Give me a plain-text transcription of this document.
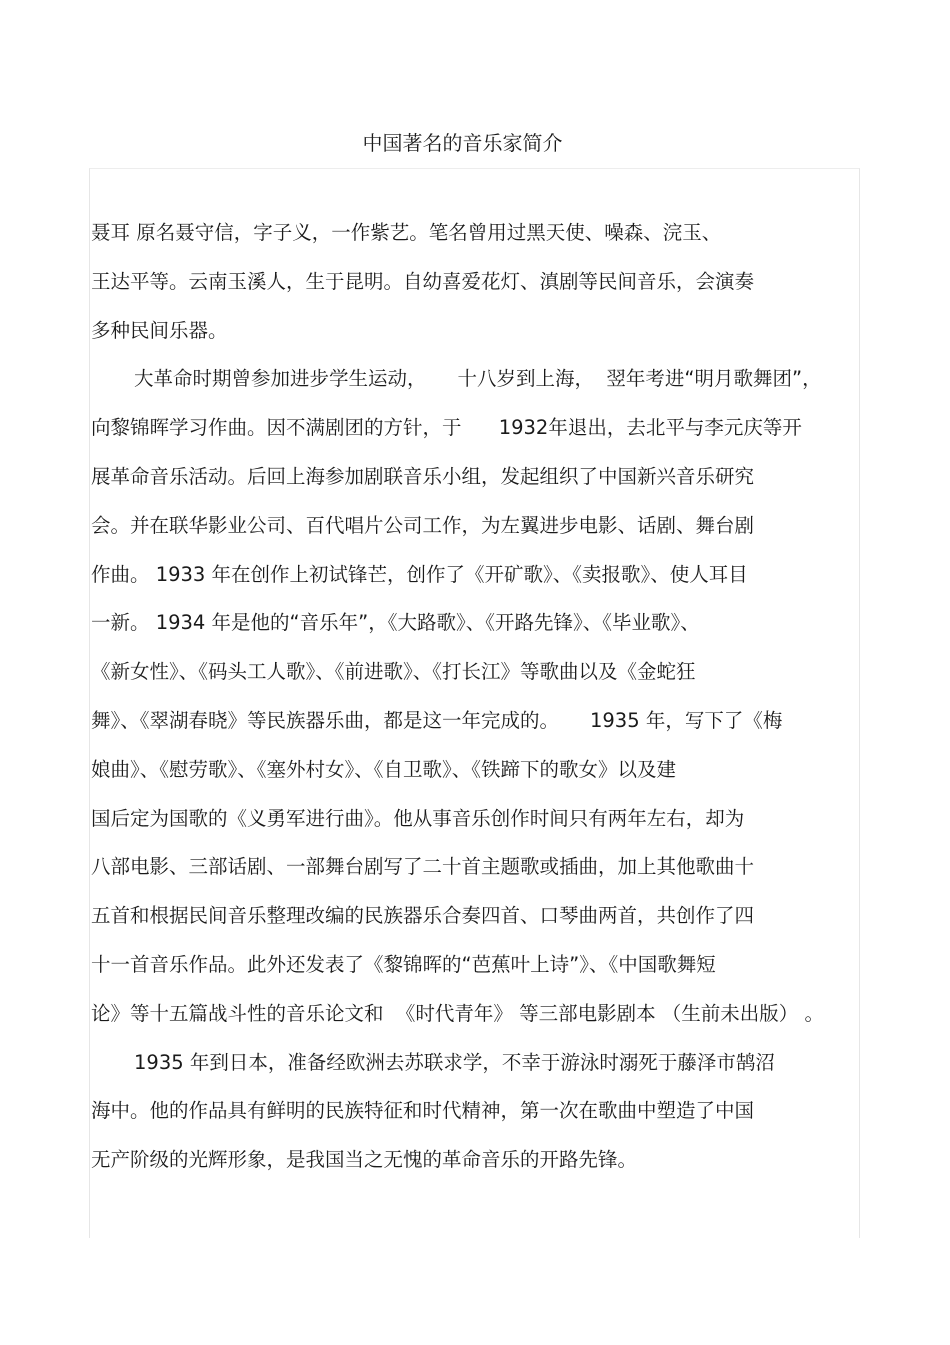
中国著名的音乐家简介
聂耳 原名聂守信，字子义，一作紫艺。笔名曾用过黑天使、噪森、浣玉、
王达平等。云南玉溪人，生于昆明。自幼喜爱花灯、滇剧等民间音乐，会演奏
多种民间乐器。
大革命时期曾参加进步学生运动，     十八岁到上海，  翌年考进“明月歌舞团”，
向黎锦晖学习作曲。因不满剧团的方针，于      1932年退出，去北平与李元庆等开
展革命音乐活动。后回上海参加剧联音乐小组，发起组织了中国新兴音乐研究
会。并在联华影业公司、百代唱片公司工作，为左翼进步电影、话剧、舞台剧
作曲。 1933 年在创作上初试锋芒，创作了《开矿歌》、《卖报歌》、使人耳目
一新。 1934 年是他的“音乐年”，《大路歌》、《开路先锋》、《毕业歌》、
《新女性》、《码头工人歌》、《前进歌》、《打长江》等歌曲以及《金蛇狂
舞》、《翠湖春晓》等民族器乐曲，都是这一年完成的。     1935 年，写下了《梅
娘曲》、《慰劳歌》、《塞外村女》、《自卫歌》、《铁蹄下的歌女》以及建
国后定为国歌的《义勇军进行曲》。他从事音乐创作时间只有两年左右，却为
八部电影、三部话剧、一部舞台剧写了二十首主题歌或插曲，加上其他歌曲十
五首和根据民间音乐整理改编的民族器乐合奏四首、口琴曲两首，共创作了四
十一首音乐作品。此外还发表了《黎锦晖的“芭蕉叶上诗”》、《中国歌舞短
论》等十五篇战斗性的音乐论文和  《时代青年》 等三部电影剧本 （生前未出版） 。
1935 年到日本，准备经欧洲去苏联求学，不幸于游泳时溺死于藤泽市鹄沼
海中。他的作品具有鲜明的民族特征和时代精神，第一次在歌曲中塑造了中国
无产阶级的光辉形象，是我国当之无愧的革命音乐的开路先锋。
